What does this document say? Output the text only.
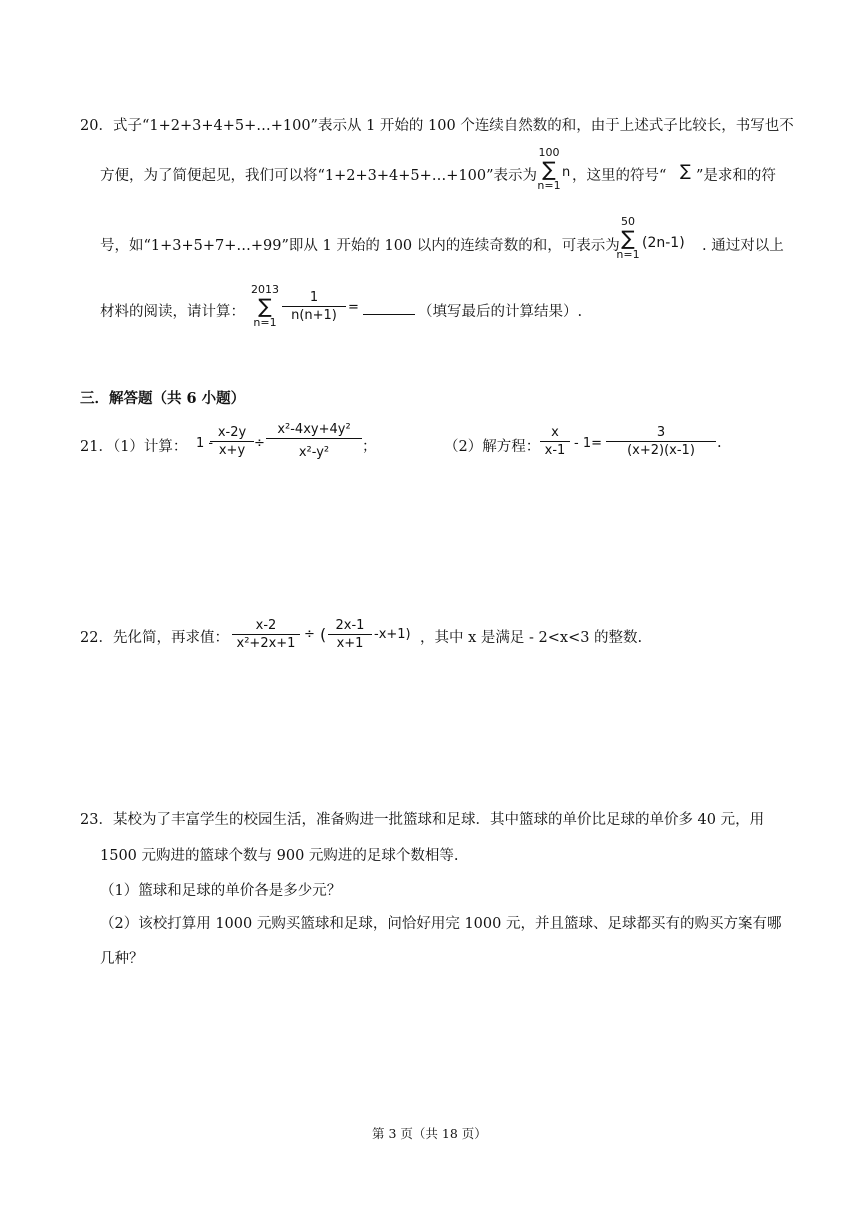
20．式子“1+2+3+4+5+…+100”表示从 1 开始的 100 个连续自然数的和，由于上述式子比较长，书写也不
方便，为了简便起见，我们可以将“1+2+3+4+5+…+100”表示为
100
∑
n=1
n ，这里的符号“ ∑ ”是求和的符
号，如“1+3+5+7+…+99”即从 1 开始的 100 以内的连续奇数的和，可表示为
50
∑
n=1
(2n-1) . 通过对以上
材料的阅读，请计算：
2013
∑
n=1
1
n(n+1)
=	（填写最后的计算结果）.
三．解答题（共 6 小题）
21．（1）计算： 1 -
x-2y
x+y ÷
x²-4xy+4y²
x²-y²	；	（2）解方程：
x
x-1 - 1=
3
(x+2)(x-1)	.
22．先化简，再求值：
x-2
x²+2x+1
÷ ( 2x-1
x+1
-x+1) ，其中 x 是满足 - 2<x<3 的整数.
23．某校为了丰富学生的校园生活，准备购进一批篮球和足球．其中篮球的单价比足球的单价多 40 元，用
1500 元购进的篮球个数与 900 元购进的足球个数相等.
（1）篮球和足球的单价各是多少元？
（2）该校打算用 1000 元购买篮球和足球，问恰好用完 1000 元，并且篮球、足球都买有的购买方案有哪
几种？
第 3 页（共 18 页）
